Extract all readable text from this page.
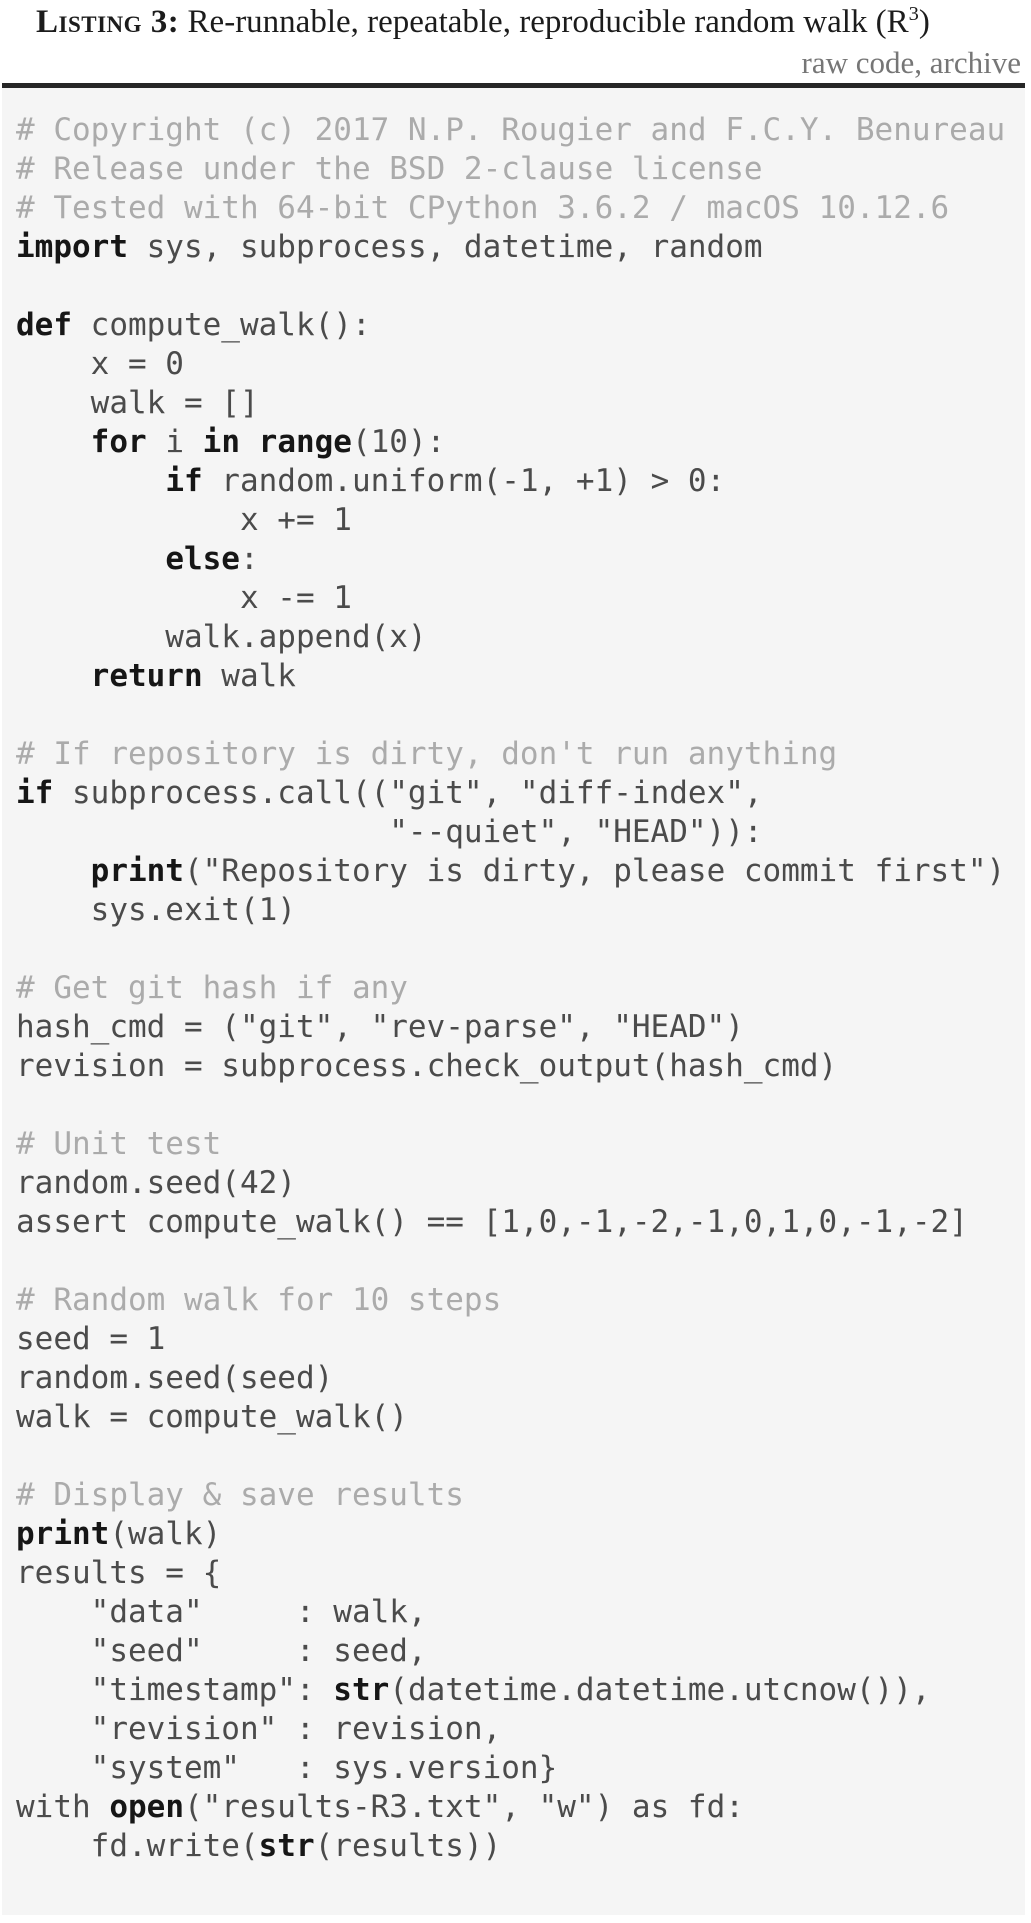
Listing 3: Re-runnable, repeatable, reproducible random walk $(R^3)$
raw code, archive
# Copyright (c) 2017 N.P. Rougier and F.C.Y. Benureau
# Release under the BSD 2-clause license
# Tested with 64-bit CPython 3.6.2 / macOS 10.12.6
import sys, subprocess, datetime, random

def compute_walk():
x = 0
walk = []
for i in range(10):
if random.uniform(-1, +1) > 0:
x += 1
else:
x -= 1
walk.append(x)
return walk

# If repository is dirty, don't run anything
if subprocess.call(("git", "diff-index",
"--quiet", "HEAD")):
print("Repository is dirty, please commit first")
sys.exit(1)

# Get git hash if any
hash_cmd = ("git", "rev-parse", "HEAD")
revision = subprocess.check_output(hash_cmd)

# Unit test
random.seed(42)
assert compute_walk() == [1,0,-1,-2,-1,0,1,0,-1,-2]

# Random walk for 10 steps
seed = 1
random.seed(seed)
walk = compute_walk()

# Display & save results
print(walk)
results = {
"data"     : walk,
"seed"     : seed,
"timestamp": str(datetime.datetime.utcnow()),
"revision" : revision,
"system"   : sys.version}
with open("results-R3.txt", "w") as fd:
fd.write(str(results))
